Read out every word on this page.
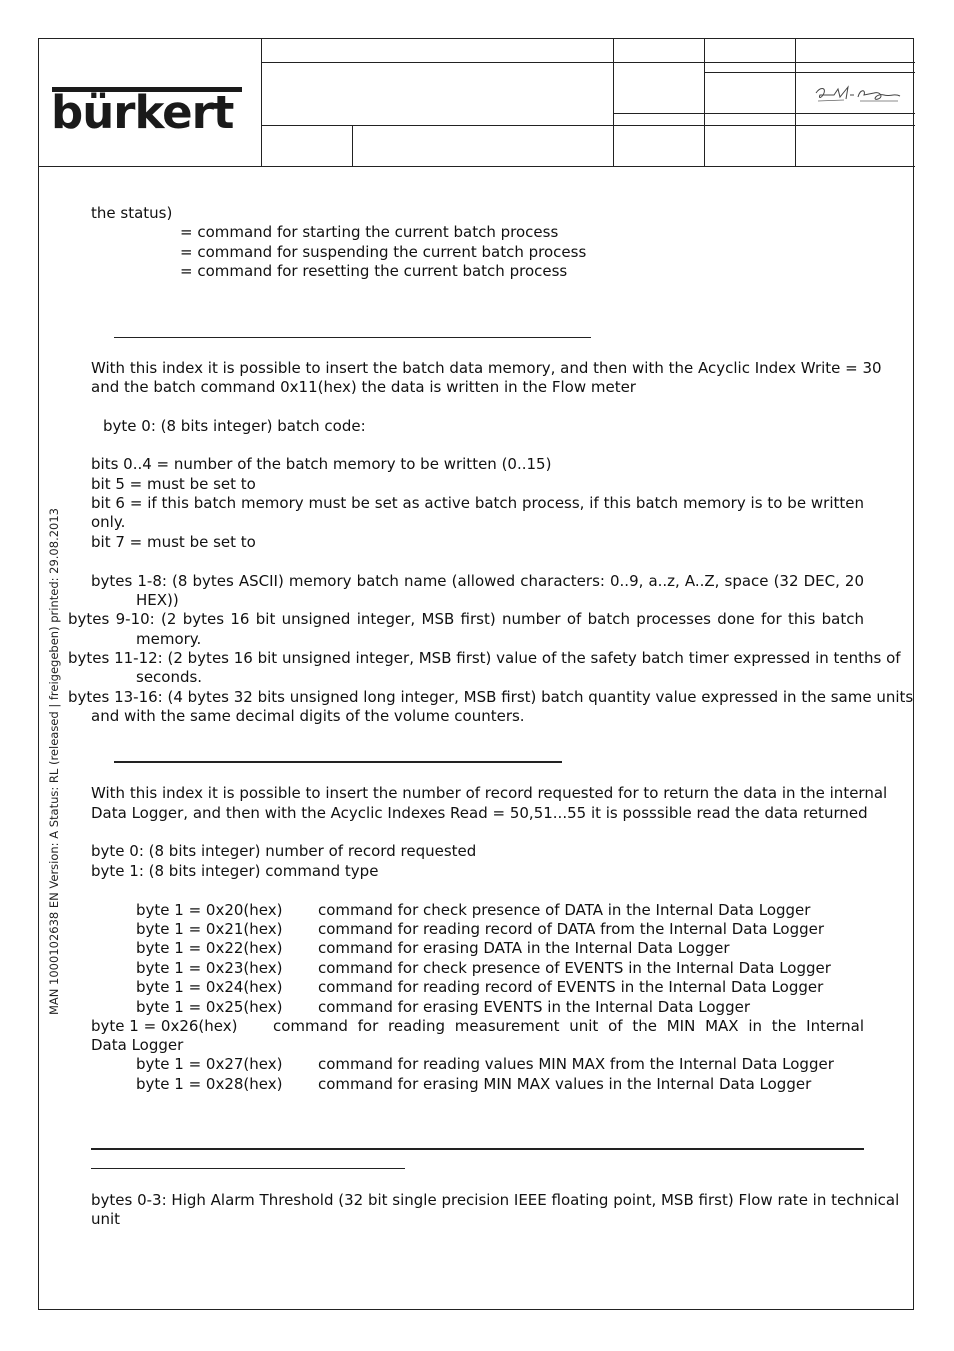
bürkert
MAN 1000102638 EN Version: A Status: RL (released | freigegeben) printed: 29.08.2013
the status)
= command for starting the current batch process
= command for suspending the current batch process
= command for resetting the current batch process
With this index it is possible to insert the batch data memory, and then with the Acyclic Index Write = 30
and the batch command 0x11(hex) the data is written in the Flow meter
byte 0: (8 bits integer) batch code:
bits 0..4 = number of the batch memory to be written (0..15)
bit 5 = must be set to
bit 6 = if this batch memory must be set as active batch process, if this batch memory is to be written
only.
bit 7 = must be set to
bytes 1-8: (8 bytes ASCII) memory batch name (allowed characters: 0..9, a..z, A..Z, space (32 DEC, 20
HEX))
bytes 9-10: (2 bytes 16 bit unsigned integer, MSB first) number of batch processes done for this batch
memory.
bytes 11-12: (2 bytes 16 bit unsigned integer, MSB first) value of the safety batch timer expressed in tenths of
seconds.
bytes 13-16: (4 bytes 32 bits unsigned long integer, MSB first) batch quantity value expressed in the same units
and with the same decimal digits of the volume counters.
With this index it is possible to insert the number of record requested for to return the data in the internal
Data Logger, and then with the Acyclic Indexes Read = 50,51...55 it is posssible read the data returned
byte 0: (8 bits integer) number of record requested
byte 1: (8 bits integer) command type
byte 1 = 0x20(hex) command for check presence of DATA in the Internal Data Logger
byte 1 = 0x21(hex) command for reading record of DATA from the Internal Data Logger
byte 1 = 0x22(hex) command for erasing DATA in the Internal Data Logger
byte 1 = 0x23(hex) command for check presence of EVENTS in the Internal Data Logger
byte 1 = 0x24(hex) command for reading record of EVENTS in the Internal Data Logger
byte 1 = 0x25(hex) command for erasing EVENTS in the Internal Data Logger
byte 1 = 0x26(hex) command for reading measurement unit of the MIN MAX in the Internal
Data Logger
byte 1 = 0x27(hex) command for reading values MIN MAX from the Internal Data Logger
byte 1 = 0x28(hex) command for erasing MIN MAX values in the Internal Data Logger
bytes 0-3: High Alarm Threshold (32 bit single precision IEEE floating point, MSB first) Flow rate in technical
unit
